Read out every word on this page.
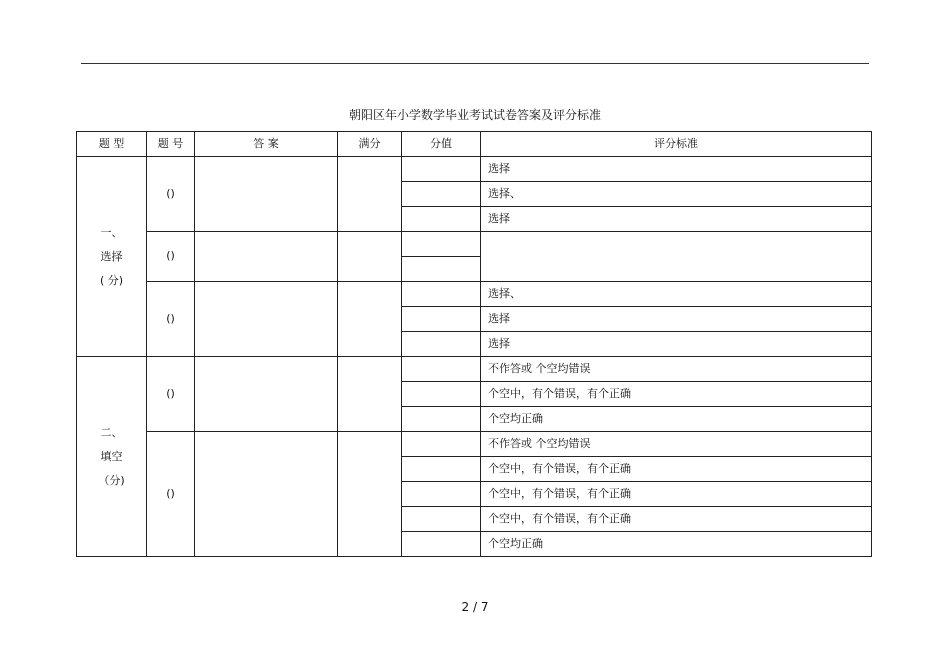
朝阳区年小学数学毕业考试试卷答案及评分标准
题 型	题 号	答 案	满分	分值	评分标准

一、
选择
( 分)	()				选择
					选择、
					选择
	()				

	()				选择、
					选择
					选择

二、
填空
（分)	()				不作答或 个空均错误
					个空中，有个错误，有个正确
					个空均正确
	()				不作答或 个空均错误
					个空中，有个错误，有个正确
					个空中，有个错误，有个正确
					个空中，有个错误，有个正确
					个空均正确
2 / 7
